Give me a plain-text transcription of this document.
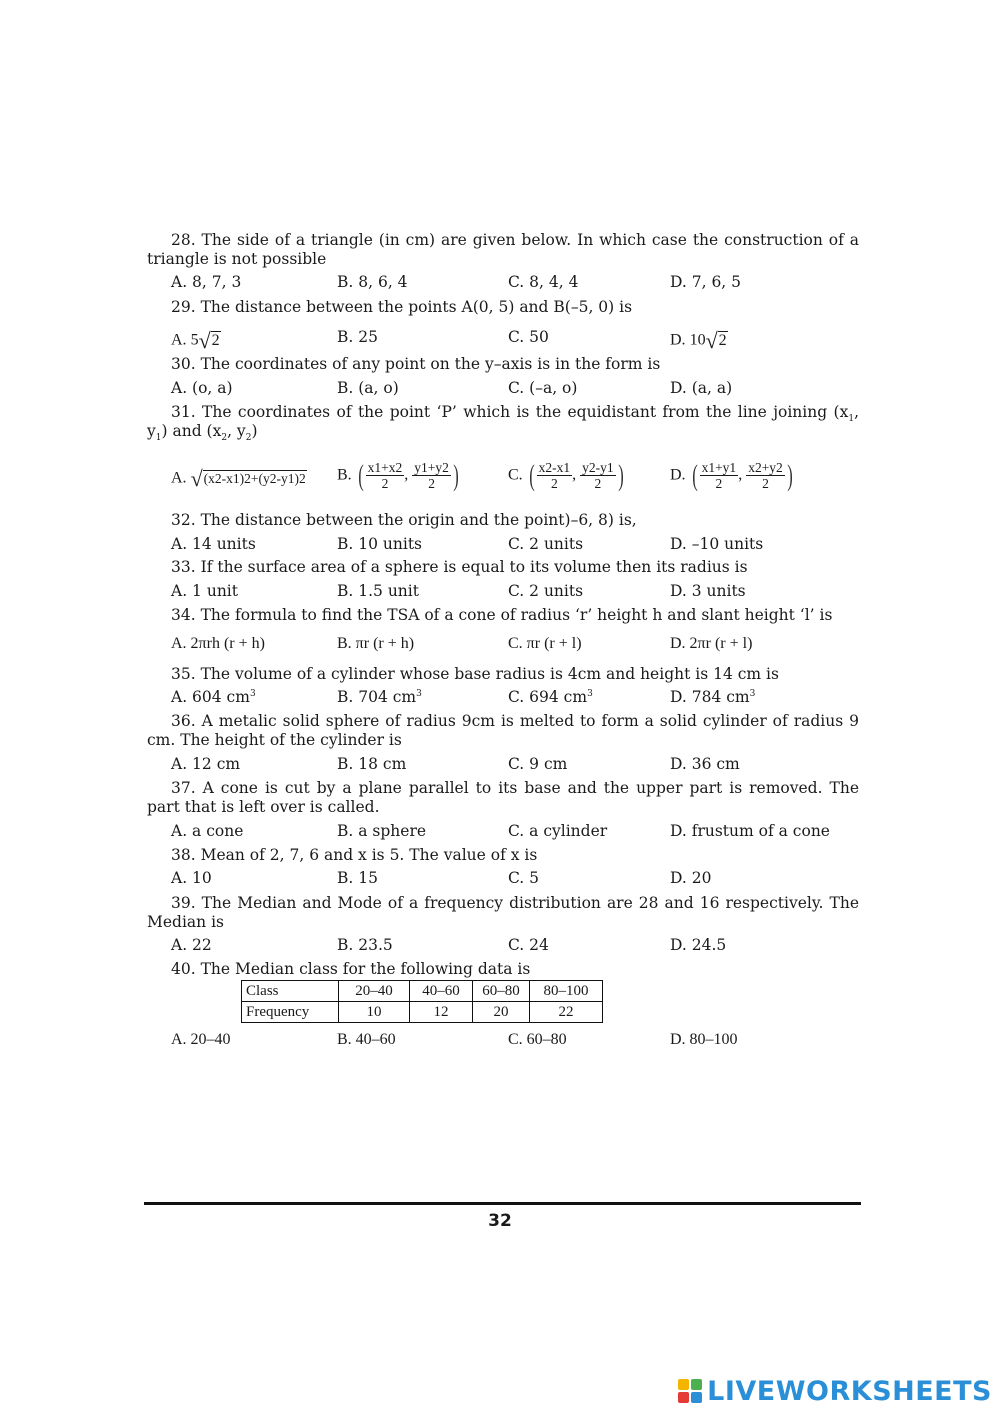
28. The side of a triangle (in cm) are given below. In which case the construction of a triangle is not possible
A. 8, 7, 3	B. 8, 6, 4	C. 8, 4, 4	D. 7, 6, 5
29. The distance between the points A(0, 5) and B(–5, 0) is
A. 5√2	B. 25	C. 50	D. 10√2
30. The coordinates of any point on the y–axis is in the form is
A. (o, a)	B. (a, o)	C. (–a, o)	D. (a, a)
31. The coordinates of the point ‘P’ which is the equidistant from the line joining ($x_1$, $y_1$) and ($x_2$, $y_2$)
A. √(x2-x1)2+(y2-y1)2 B. ( $\frac{x1+x2}{2}$ , $\frac{y1+y2}{2}$ )	C. ( $\frac{x2-x1}{2}$ , $\frac{y2-y1}{2}$ )	D. ( $\frac{x1+y1}{2}$ , $\frac{x2+y2}{2}$ )
32. The distance between the origin and the point)–6, 8) is,
A. 14 units	B. 10 units	C. 2 units	D. –10 units
33. If the surface area of a sphere is equal to its volume then its radius is
A. 1 unit	B. 1.5 unit	C. 2 units	D. 3 units
34. The formula to find the TSA of a cone of radius ‘r’ height h and slant height ‘l’ is
A. 2πrh (r + h)	B. πr (r + h)	C. πr (r + l)	D. 2πr (r + l)
35. The volume of a cylinder whose base radius is 4cm and height is 14 cm is
A. 604 $cm^3$	B. 704 $cm^3$	C. 694 $cm^3$	D. 784 $cm^3$
36. A metalic solid sphere of radius 9cm is melted to form a solid cylinder of radius 9 cm. The height of the cylinder is
A. 12 cm	B. 18 cm	C. 9 cm	D. 36 cm
37. A cone is cut by a plane parallel to its base and the upper part is removed. The part that is left over is called.
A. a cone	B. a sphere	C. a cylinder	D. frustum of a cone
38. Mean of 2, 7, 6 and x is 5. The value of x is
A. 10	B. 15	C. 5	D. 20
39. The Median and Mode of a frequency distribution are 28 and 16 respectively. The Median is
A. 22	B. 23.5	C. 24	D. 24.5
40. The Median class for the following data is
Class	20–40	40–60	60–80	80–100
Frequency	10	12	20	22
A. 20–40	B. 40–60	C. 60–80	D. 80–100
32
LIVEWORKSHEETS
